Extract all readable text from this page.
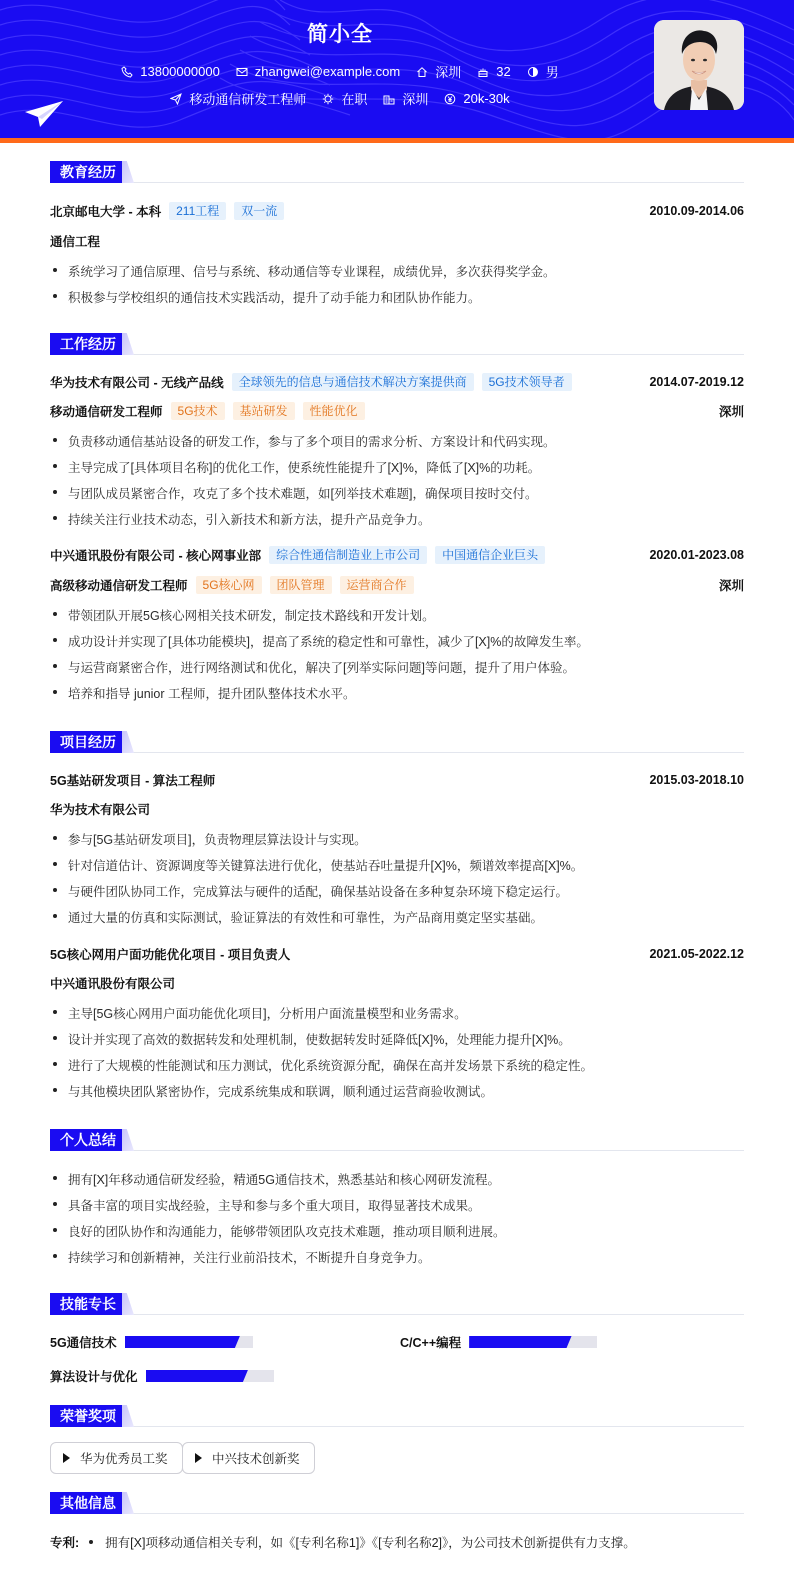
简小全
13800000000	zhangwei@example.com	深圳	32	男
移动通信研发工程师	在职	深圳	20k-30k
教育经历
北京邮电大学 - 本科	211工程	双一流	2010.09-2014.06
通信工程
系统学习了通信原理、信号与系统、移动通信等专业课程，成绩优异，多次获得奖学金。
积极参与学校组织的通信技术实践活动，提升了动手能力和团队协作能力。
工作经历
华为技术有限公司 - 无线产品线	全球领先的信息与通信技术解决方案提供商	5G技术领导者	2014.07-2019.12
移动通信研发工程师	5G技术	基站研发	性能优化	深圳
负责移动通信基站设备的研发工作，参与了多个项目的需求分析、方案设计和代码实现。
主导完成了[具体项目名称]的优化工作，使系统性能提升了[X]%，降低了[X]%的功耗。
与团队成员紧密合作，攻克了多个技术难题，如[列举技术难题]，确保项目按时交付。
持续关注行业技术动态，引入新技术和新方法，提升产品竞争力。
中兴通讯股份有限公司 - 核心网事业部	综合性通信制造业上市公司	中国通信企业巨头	2020.01-2023.08
高级移动通信研发工程师	5G核心网	团队管理	运营商合作	深圳
带领团队开展5G核心网相关技术研发，制定技术路线和开发计划。
成功设计并实现了[具体功能模块]，提高了系统的稳定性和可靠性，减少了[X]%的故障发生率。
与运营商紧密合作，进行网络测试和优化，解决了[列举实际问题]等问题，提升了用户体验。
培养和指导 junior 工程师，提升团队整体技术水平。
项目经历
5G基站研发项目 - 算法工程师	2015.03-2018.10
华为技术有限公司
参与[5G基站研发项目]，负责物理层算法设计与实现。
针对信道估计、资源调度等关键算法进行优化，使基站吞吐量提升[X]%，频谱效率提高[X]%。
与硬件团队协同工作，完成算法与硬件的适配，确保基站设备在多种复杂环境下稳定运行。
通过大量的仿真和实际测试，验证算法的有效性和可靠性，为产品商用奠定坚实基础。
5G核心网用户面功能优化项目 - 项目负责人	2021.05-2022.12
中兴通讯股份有限公司
主导[5G核心网用户面功能优化项目]，分析用户面流量模型和业务需求。
设计并实现了高效的数据转发和处理机制，使数据转发时延降低[X]%，处理能力提升[X]%。
进行了大规模的性能测试和压力测试，优化系统资源分配，确保在高并发场景下系统的稳定性。
与其他模块团队紧密协作，完成系统集成和联调，顺利通过运营商验收测试。
个人总结
拥有[X]年移动通信研发经验，精通5G通信技术，熟悉基站和核心网研发流程。
具备丰富的项目实战经验，主导和参与多个重大项目，取得显著技术成果。
良好的团队协作和沟通能力，能够带领团队攻克技术难题，推动项目顺利进展。
持续学习和创新精神，关注行业前沿技术，不断提升自身竞争力。
技能专长
5G通信技术	C/C++编程
算法设计与优化
荣誉奖项
华为优秀员工奖	中兴技术创新奖
其他信息
专利: 拥有[X]项移动通信相关专利，如《[专利名称1]》《[专利名称2]》，为公司技术创新提供有力支撑。
